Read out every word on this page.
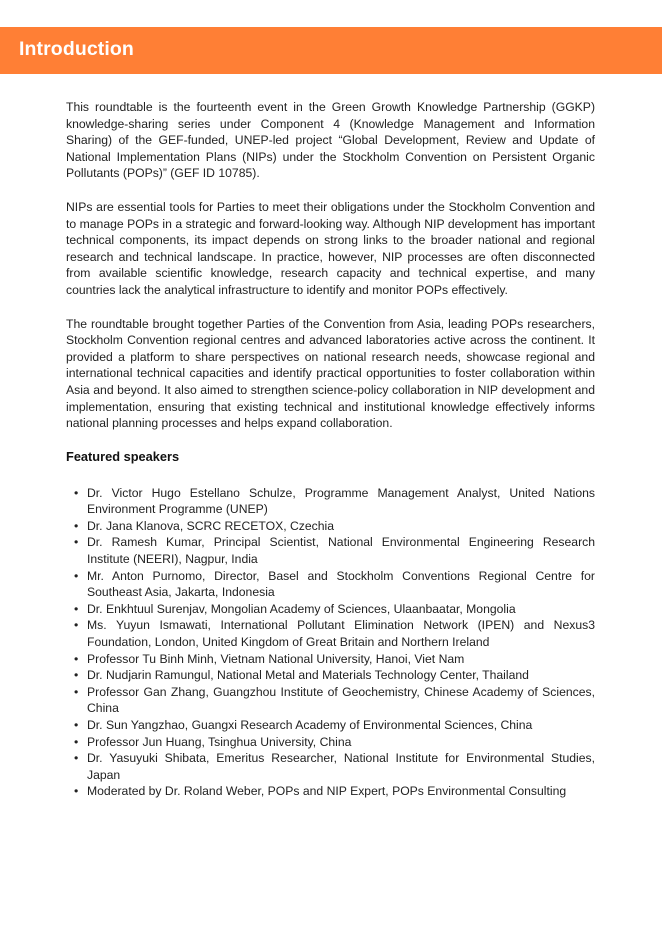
Introduction

This roundtable is the fourteenth event in the Green Growth Knowledge Partnership (GGKP) knowledge-sharing series under Component 4 (Knowledge Management and Information Sharing) of the GEF-funded, UNEP-led project “Global Development, Review and Update of National Implementation Plans (NIPs) under the Stockholm Convention on Persistent Organic Pollutants (POPs)” (GEF ID 10785).

NIPs are essential tools for Parties to meet their obligations under the Stockholm Convention and to manage POPs in a strategic and forward-looking way. Although NIP development has important technical components, its impact depends on strong links to the broader national and regional research and technical landscape. In practice, however, NIP processes are often disconnected from available scientific knowledge, research capacity and technical expertise, and many countries lack the analytical infrastructure to identify and monitor POPs effectively.

The roundtable brought together Parties of the Convention from Asia, leading POPs researchers, Stockholm Convention regional centres and advanced laboratories active across the continent. It provided a platform to share perspectives on national research needs, showcase regional and international technical capacities and identify practical opportunities to foster collaboration within Asia and beyond. It also aimed to strengthen science-policy collaboration in NIP development and implementation, ensuring that existing technical and institutional knowledge effectively informs national planning processes and helps expand collaboration.

Featured speakers
• Dr. Victor Hugo Estellano Schulze, Programme Management Analyst, United Nations Environment Programme (UNEP)
• Dr. Jana Klanova, SCRC RECETOX, Czechia
• Dr. Ramesh Kumar, Principal Scientist, National Environmental Engineering Research Institute (NEERI), Nagpur, India
• Mr. Anton Purnomo, Director, Basel and Stockholm Conventions Regional Centre for Southeast Asia, Jakarta, Indonesia
• Dr. Enkhtuul Surenjav, Mongolian Academy of Sciences, Ulaanbaatar, Mongolia
• Ms. Yuyun Ismawati, International Pollutant Elimination Network (IPEN) and Nexus3 Foundation, London, United Kingdom of Great Britain and Northern Ireland
• Professor Tu Binh Minh, Vietnam National University, Hanoi, Viet Nam
• Dr. Nudjarin Ramungul, National Metal and Materials Technology Center, Thailand
• Professor Gan Zhang, Guangzhou Institute of Geochemistry, Chinese Academy of Sciences, China
• Dr. Sun Yangzhao, Guangxi Research Academy of Environmental Sciences, China
• Professor Jun Huang, Tsinghua University, China
• Dr. Yasuyuki Shibata, Emeritus Researcher, National Institute for Environmental Studies, Japan
• Moderated by Dr. Roland Weber, POPs and NIP Expert, POPs Environmental Consulting
